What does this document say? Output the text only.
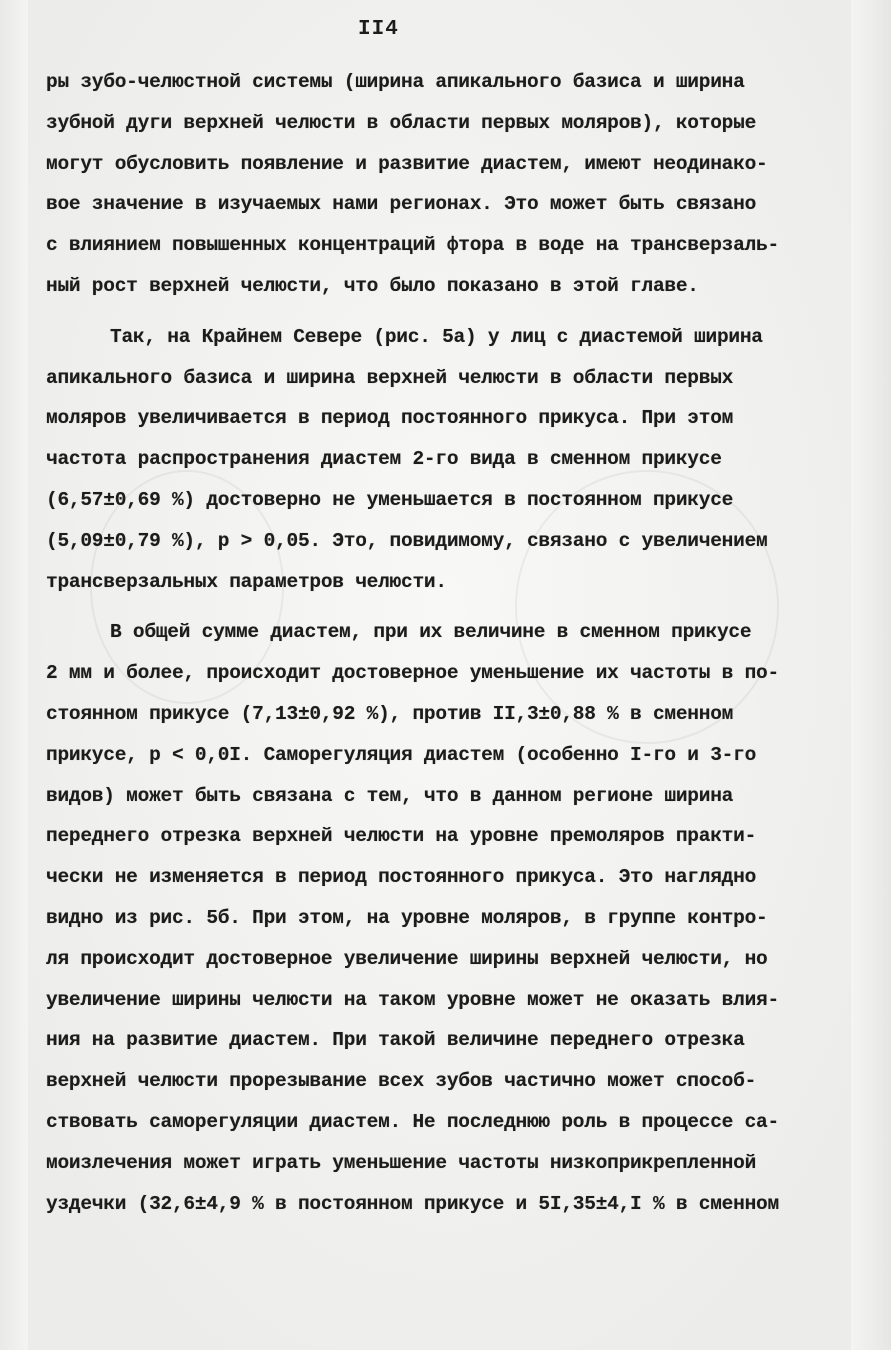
II4
ры зубо-челюстной системы (ширина апикального базиса и ширина
зубной дуги верхней челюсти в области первых моляров), которые
могут обусловить появление и развитие диастем, имеют неодинако-
вое значение в изучаемых нами регионах. Это может быть связано
с влиянием повышенных концентраций фтора в воде на трансверзаль-
ный рост верхней челюсти, что было показано в этой главе.
Так, на Крайнем Севере (рис. 5а) у лиц с диастемой ширина
апикального базиса и ширина верхней челюсти в области первых
моляров увеличивается в период постоянного прикуса. При этом
частота распространения диастем 2-го вида в сменном прикусе
(6,57±0,69 %) достоверно не уменьшается в постоянном прикусе
(5,09±0,79 %), р > 0,05. Это, повидимому, связано с увеличением
трансверзальных параметров челюсти.
В общей сумме диастем, при их величине в сменном прикусе
2 мм и более, происходит достоверное уменьшение их частоты в по-
стоянном прикусе (7,13±0,92 %), против II,3±0,88 % в сменном
прикусе, р < 0,0I. Саморегуляция диастем (особенно I-го и 3-го
видов) может быть связана с тем, что в данном регионе ширина
переднего отрезка верхней челюсти на уровне премоляров практи-
чески не изменяется в период постоянного прикуса. Это наглядно
видно из рис. 5б. При этом, на уровне моляров, в группе контро-
ля происходит достоверное увеличение ширины верхней челюсти, но
увеличение ширины челюсти на таком уровне может не оказать влия-
ния на развитие диастем. При такой величине переднего отрезка
верхней челюсти прорезывание всех зубов частично может способ-
ствовать саморегуляции диастем. Не последнюю роль в процессе са-
моизлечения может играть уменьшение частоты низкоприкрепленной
уздечки (32,6±4,9 % в постоянном прикусе и 5I,35±4,I % в сменном
